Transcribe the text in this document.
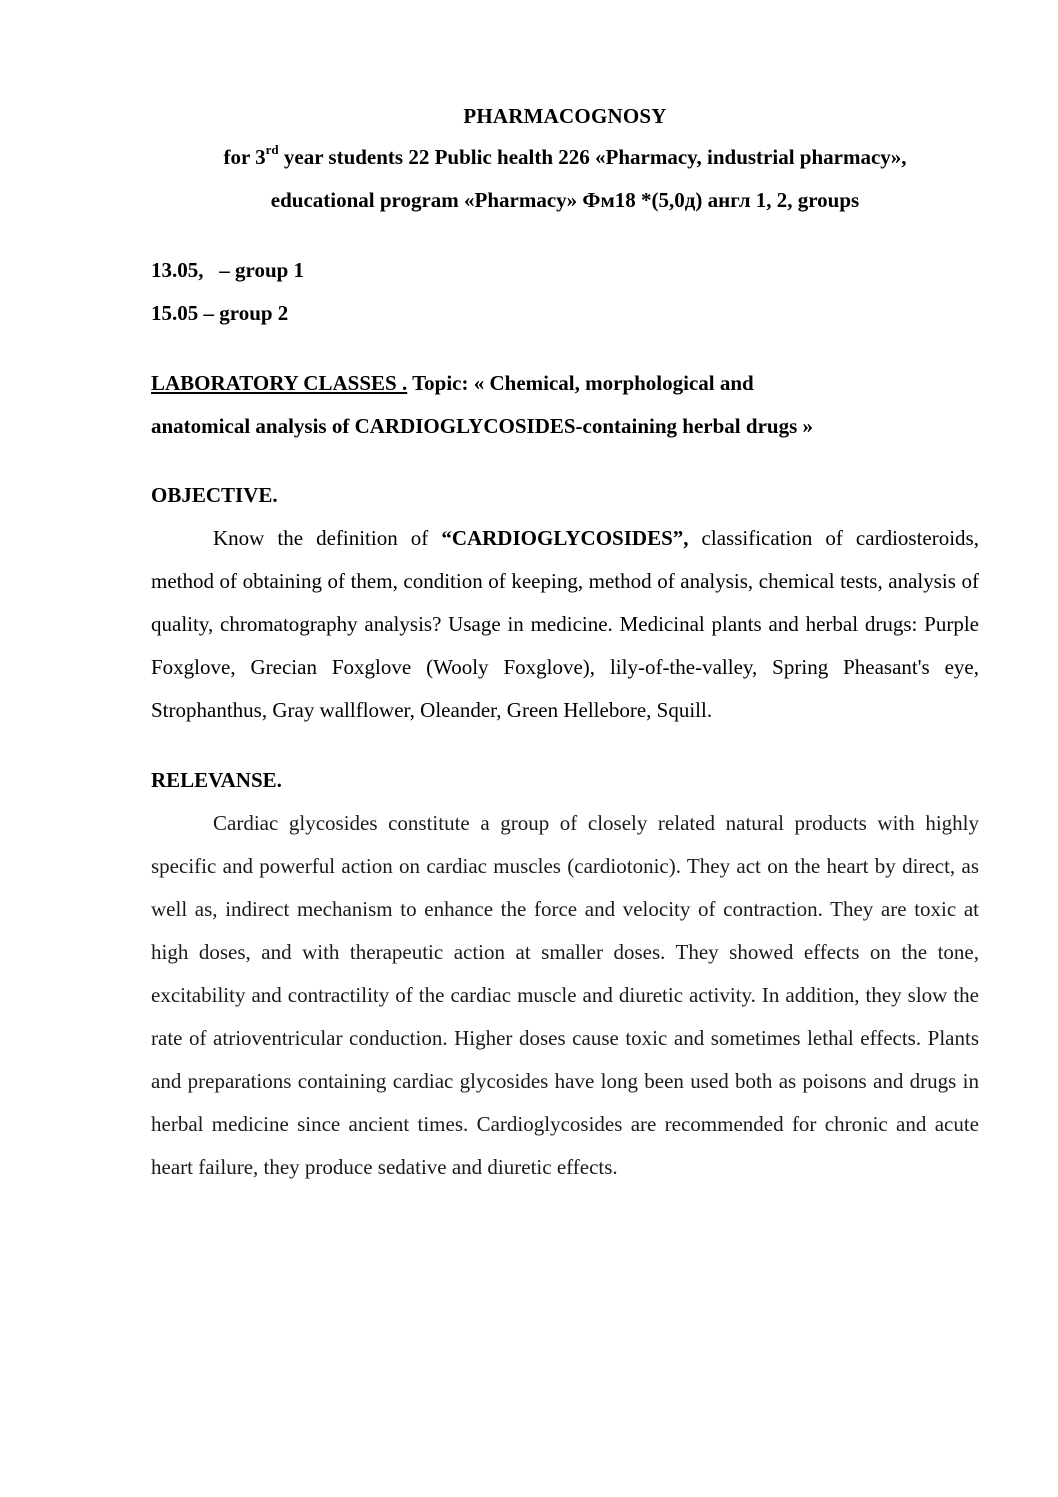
PHARMACOGNOSY
for 3rd year students 22 Public health 226 «Pharmacy, industrial pharmacy»,
educational program «Pharmacy» Фм18 *(5,0д) англ 1, 2, groups
13.05,   – group 1
15.05 – group 2
LABORATORY CLASSES . Topic: « Chemical, morphological and
anatomical analysis of CARDIOGLYCOSIDES-containing herbal drugs »
OBJECTIVE.

Know the definition of “CARDIOGLYCOSIDES”, classification of cardiosteroids, method of obtaining of them, condition of keeping, method of analysis, chemical tests, analysis of quality, chromatography analysis? Usage in medicine. Medicinal plants and herbal drugs: Purple Foxglove, Grecian Foxglove (Wooly Foxglove), lily-of-the-valley, Spring Pheasant's eye, Strophanthus, Gray wallflower, Oleander, Green Hellebore, Squill.

RELEVANSE.

Cardiac glycosides constitute a group of closely related natural products with highly specific and powerful action on cardiac muscles (cardiotonic). They act on the heart by direct, as well as, indirect mechanism to enhance the force and velocity of contraction. They are toxic at high doses, and with therapeutic action at smaller doses. They showed effects on the tone, excitability and contractility of the cardiac muscle and diuretic activity. In addition, they slow the rate of atrioventricular conduction. Higher doses cause toxic and sometimes lethal effects. Plants and preparations containing cardiac glycosides have long been used both as poisons and drugs in herbal medicine since ancient times. Cardioglycosides are recommended for chronic and acute heart failure, they produce sedative and diuretic effects.
